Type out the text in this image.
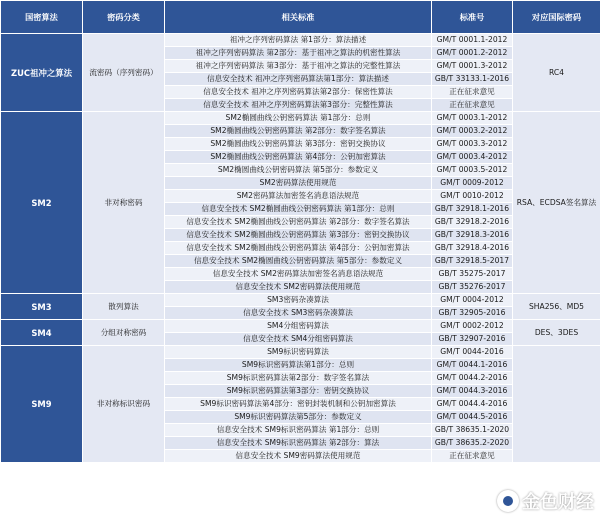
国密算法	密码分类	相关标准	标准号	对应国际密码
ZUC祖冲之算法	流密码（序列密码）	祖冲之序列密码算法 第1部分：算法描述	GM/T 0001.1-2012	RC4
		祖冲之序列密码算法 第2部分：基于祖冲之算法的机密性算法	GM/T 0001.2-2012	
		祖冲之序列密码算法 第3部分：基于祖冲之算法的完整性算法	GM/T 0001.3-2012	
		信息安全技术 祖冲之序列密码算法第1部分：算法描述	GB/T 33133.1-2016	
		信息安全技术 祖冲之序列密码算法第2部分：保密性算法	正在征求意见	
		信息安全技术 祖冲之序列密码算法第3部分：完整性算法	正在征求意见	
SM2	非对称密码	SM2椭圆曲线公钥密码算法 第1部分：总则	GM/T 0003.1-2012	RSA、ECDSA签名算法
		SM2椭圆曲线公钥密码算法 第2部分：数字签名算法	GM/T 0003.2-2012	
		SM2椭圆曲线公钥密码算法 第3部分：密钥交换协议	GM/T 0003.3-2012	
		SM2椭圆曲线公钥密码算法 第4部分：公钥加密算法	GM/T 0003.4-2012	
		SM2椭圆曲线公钥密码算法 第5部分：参数定义	GM/T 0003.5-2012	
		SM2密码算法使用规范	GM/T 0009-2012	
		SM2密码算法加密签名消息语法规范	GM/T 0010-2012	
		信息安全技术 SM2椭圆曲线公钥密码算法 第1部分：总则	GB/T 32918.1-2016	
		信息安全技术 SM2椭圆曲线公钥密码算法 第2部分：数字签名算法	GB/T 32918.2-2016	
		信息安全技术 SM2椭圆曲线公钥密码算法 第3部分：密钥交换协议	GB/T 32918.3-2016	
		信息安全技术 SM2椭圆曲线公钥密码算法 第4部分：公钥加密算法	GB/T 32918.4-2016	
		信息安全技术 SM2椭圆曲线公钥密码算法 第5部分：参数定义	GB/T 32918.5-2017	
		信息安全技术 SM2密码算法加密签名消息语法规范	GB/T 35275-2017	
		信息安全技术 SM2密码算法使用规范	GB/T 35276-2017	
SM3	散列算法	SM3密码杂凑算法	GM/T 0004-2012	SHA256、MD5
		信息安全技术 SM3密码杂凑算法	GB/T 32905-2016	
SM4	分组对称密码	SM4分组密码算法	GM/T 0002-2012	DES、3DES
		信息安全技术 SM4分组密码算法	GB/T 32907-2016	
SM9	非对称标识密码	SM9标识密码算法	GM/T 0044-2016	
		SM9标识密码算法第1部分：总则	GM/T 0044.1-2016	
		SM9标识密码算法第2部分：数字签名算法	GM/T 0044.2-2016	
		SM9标识密码算法第3部分：密钥交换协议	GM/T 0044.3-2016	
		SM9标识密码算法第4部分：密钥封装机制和公钥加密算法	GM/T 0044.4-2016	
		SM9标识密码算法第5部分：参数定义	GM/T 0044.5-2016	
		信息安全技术 SM9标识密码算法 第1部分：总则	GB/T 38635.1-2020	
		信息安全技术 SM9标识密码算法 第2部分：算法	GB/T 38635.2-2020	
		信息安全技术 SM9密码算法使用规范	正在征求意见	
金色财经
